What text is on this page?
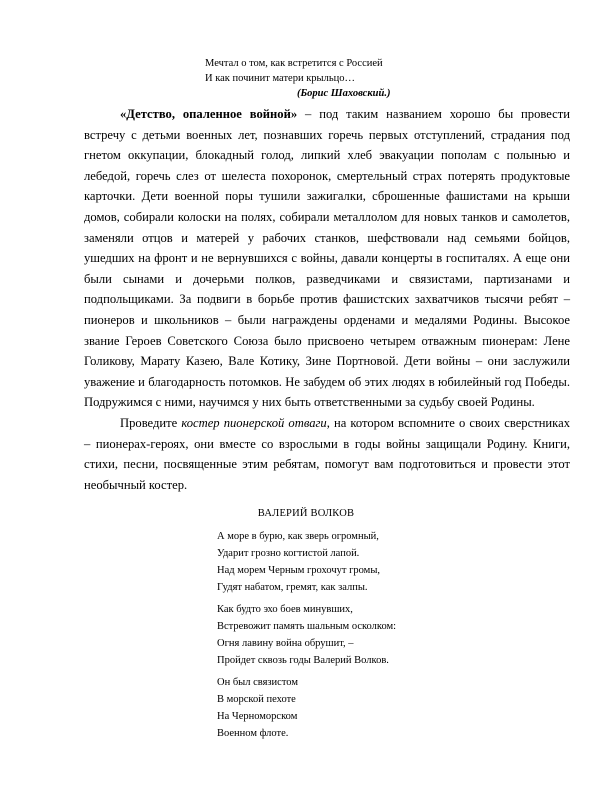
Мечтал о том, как встретится с Россией
И как починит матери крыльцо…
(Борис Шаховский.)

«Детство, опаленное войной» – под таким названием хорошо бы провести встречу с детьми военных лет, познавших горечь первых отступлений, страдания под гнетом оккупации, блокадный голод, липкий хлеб эвакуации пополам с полынью и лебедой, горечь слез от шелеста похоронок, смертельный страх потерять продуктовые карточки. Дети военной поры тушили зажигалки, сброшенные фашистами на крыши домов, собирали колоски на полях, собирали металлолом для новых танков и самолетов, заменяли отцов и матерей у рабочих станков, шефствовали над семьями бойцов, ушедших на фронт и не вернувшихся с войны, давали концерты в госпиталях. А еще они были сынами и дочерьми полков, разведчиками и связистами, партизанами и подпольщиками. За подвиги в борьбе против фашистских захватчиков тысячи ребят – пионеров и школьников – были награждены орденами и медалями Родины. Высокое звание Героев Советского Союза было присвоено четырем отважным пионерам: Лене Голикову, Марату Казею, Вале Котику, Зине Портновой. Дети войны – они заслужили уважение и благодарность потомков. Не забудем об этих людях в юбилейный год Победы. Подружимся с ними, научимся у них быть ответственными за судьбу своей Родины.

Проведите костер пионерской отваги, на котором вспомните о своих сверстниках – пионерах-героях, они вместе со взрослыми в годы войны защищали Родину. Книги, стихи, песни, посвященные этим ребятам, помогут вам подготовиться и провести этот необычный костер.

ВАЛЕРИЙ ВОЛКОВ
А море в бурю, как зверь огромный,
Ударит грозно когтистой лапой.
Над морем Черным грохочут громы,
Гудят набатом, гремят, как залпы.
Как будто эхо боев минувших,
Встревожит память шальным осколком:
Огня лавину война обрушит, –
Пройдет сквозь годы Валерий Волков.
Он был связистом
В морской пехоте
На Черноморском
Военном флоте.
